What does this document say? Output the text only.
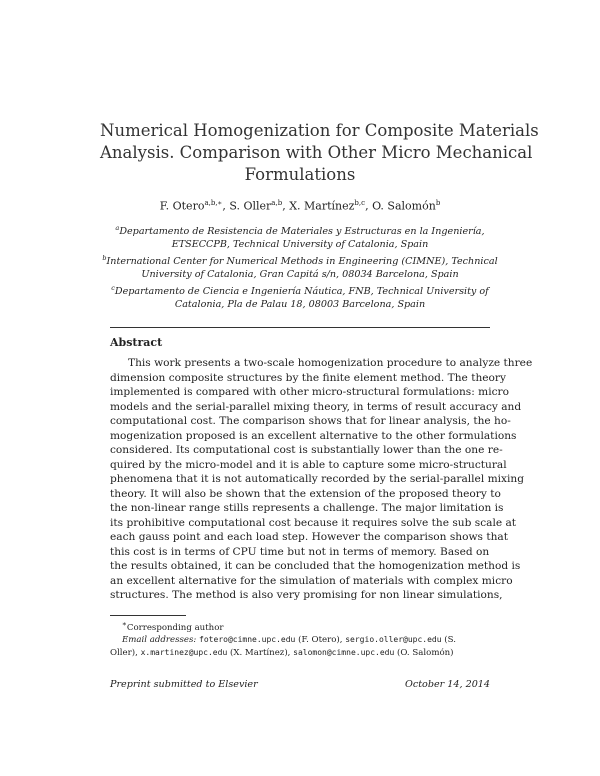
Numerical Homogenization for Composite Materials
Analysis. Comparison with Other Micro Mechanical
Formulations
F. Otero$^{a,b,∗}$, S. Oller$^{a,b}$, X. Martínez$^{b,c}$, O. Salomón$^b$
$^a$Departamento de Resistencia de Materiales y Estructuras en la Ingeniería,
ETSECCPB, Technical University of Catalonia, Spain
$^b$International Center for Numerical Methods in Engineering (CIMNE), Technical
University of Catalonia, Gran Capitá s/n, 08034 Barcelona, Spain
$^c$Departamento de Ciencia e Ingeniería Náutica, FNB, Technical University of
Catalonia, Pla de Palau 18, 08003 Barcelona, Spain
Abstract
This work presents a two-scale homogenization procedure to analyze three
dimension composite structures by the finite element method. The theory
implemented is compared with other micro-structural formulations: micro
models and the serial-parallel mixing theory, in terms of result accuracy and
computational cost. The comparison shows that for linear analysis, the ho-
mogenization proposed is an excellent alternative to the other formulations
considered. Its computational cost is substantially lower than the one re-
quired by the micro-model and it is able to capture some micro-structural
phenomena that it is not automatically recorded by the serial-parallel mixing
theory. It will also be shown that the extension of the proposed theory to
the non-linear range stills represents a challenge. The major limitation is
its prohibitive computational cost because it requires solve the sub scale at
each gauss point and each load step. However the comparison shows that
this cost is in terms of CPU time but not in terms of memory. Based on
the results obtained, it can be concluded that the homogenization method is
an excellent alternative for the simulation of materials with complex micro
structures. The method is also very promising for non linear simulations,
∗Corresponding author
Email addresses: fotero@cimne.upc.edu (F. Otero), sergio.oller@upc.edu (S.
Oller), x.martinez@upc.edu (X. Martínez), salomon@cimne.upc.edu (O. Salomón)
Preprint submitted to Elsevier	October 14, 2014
